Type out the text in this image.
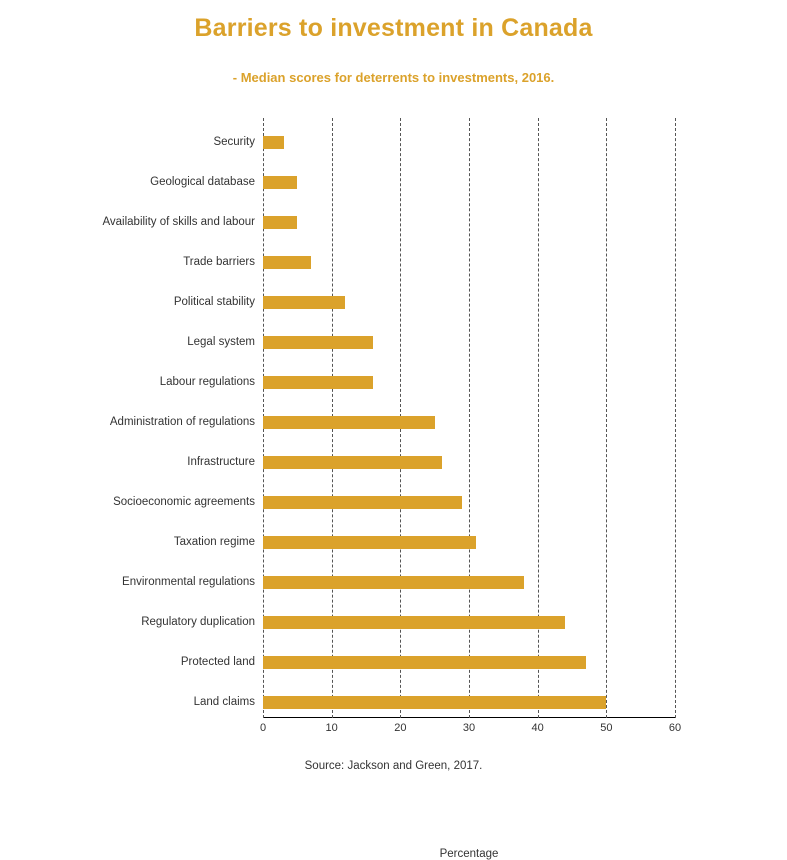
Barriers to investment in Canada
- Median scores for deterrents to investments, 2016.
0	10	20	30	40	50	60
Security
Geological database
Availability of skills and labour
Trade barriers
Political stability
Legal system
Labour regulations
Administration of regulations
Infrastructure
Socioeconomic agreements
Taxation regime
Environmental regulations
Regulatory duplication
Protected land
Land claims
Percentage
Source: Jackson and Green, 2017.
